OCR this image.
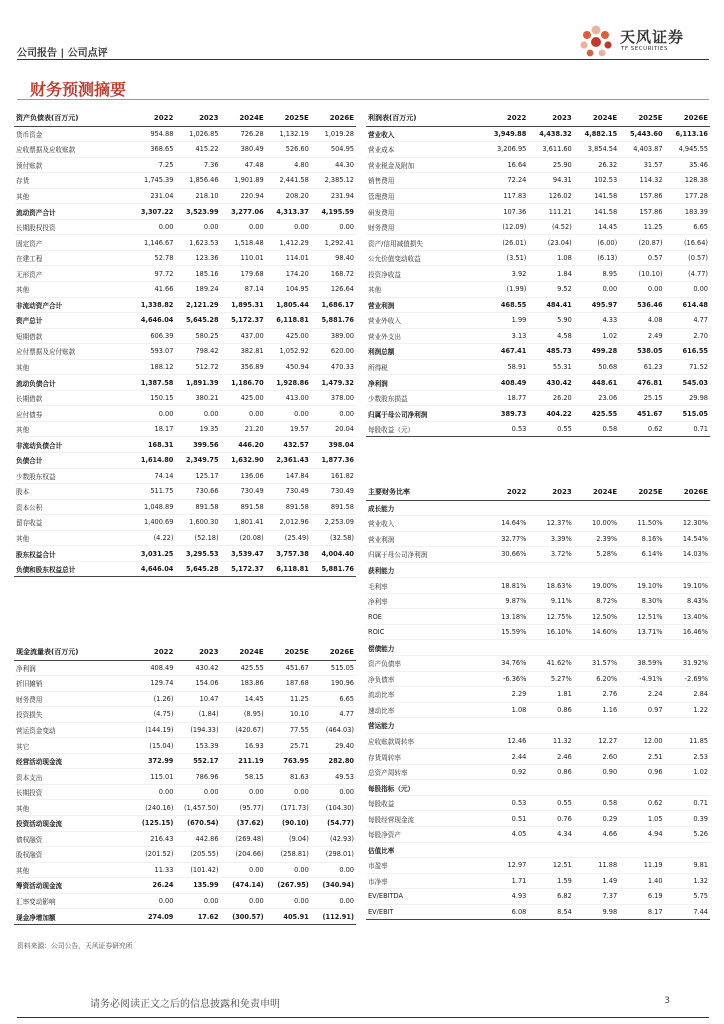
公司报告 | 公司点评
天风证券
TF SECURITIES
财务预测摘要
资产负债表(百万元)	2022	2023	2024E	2025E	2026E
货币资金	954.88	1,026.85	726.28	1,132.19	1,019.28
应收票据及应收账款	368.65	415.22	380.49	526.60	504.95
预付账款	7.25	7.36	47.48	4.80	44.30
存货	1,745.39	1,856.46	1,901.89	2,441.58	2,385.12
其他	231.04	218.10	220.94	208.20	231.94
流动资产合计	3,307.22	3,523.99	3,277.06	4,313.37	4,195.59
长期股权投资	0.00	0.00	0.00	0.00	0.00
固定资产	1,146.67	1,623.53	1,518.48	1,412.29	1,292.41
在建工程	52.78	123.36	110.01	114.01	98.40
无形资产	97.72	185.16	179.68	174.20	168.72
其他	41.66	189.24	87.14	104.95	126.64
非流动资产合计	1,338.82	2,121.29	1,895.31	1,805.44	1,686.17
资产总计	4,646.04	5,645.28	5,172.37	6,118.81	5,881.76
短期借款	606.39	580.25	437.00	425.00	389.00
应付票据及应付账款	593.07	798.42	382.81	1,052.92	620.00
其他	188.12	512.72	356.89	450.94	470.33
流动负债合计	1,387.58	1,891.39	1,186.70	1,928.86	1,479.32
长期借款	150.15	380.21	425.00	413.00	378.00
应付债券	0.00	0.00	0.00	0.00	0.00
其他	18.17	19.35	21.20	19.57	20.04
非流动负债合计	168.31	399.56	446.20	432.57	398.04
负债合计	1,614.80	2,349.75	1,632.90	2,361.43	1,877.36
少数股东权益	74.14	125.17	136.06	147.84	161.82
股本	511.75	730.66	730.49	730.49	730.49
资本公积	1,048.89	891.58	891.58	891.58	891.58
留存收益	1,400.69	1,600.30	1,801.41	2,012.96	2,253.09
其他	(4.22)	(52.18)	(20.08)	(25.49)	(32.58)
股东权益合计	3,031.25	3,295.53	3,539.47	3,757.38	4,004.40
负债和股东权益总计	4,646.04	5,645.28	5,172.37	6,118.81	5,881.76
利润表(百万元)	2022	2023	2024E	2025E	2026E
营业收入	3,949.88	4,438.32	4,882.15	5,443.60	6,113.16
营业成本	3,206.95	3,611.60	3,854.54	4,403.87	4,945.55
营业税金及附加	16.64	25.90	26.32	31.57	35.46
销售费用	72.24	94.31	102.53	114.32	128.38
管理费用	117.83	126.02	141.58	157.86	177.28
研发费用	107.36	111.21	141.58	157.86	183.39
财务费用	(12.09)	(4.52)	14.45	11.25	6.65
资产/信用减值损失	(26.01)	(23.04)	(6.00)	(20.87)	(16.64)
公允价值变动收益	(3.51)	1.08	(6.13)	0.57	(0.57)
投资净收益	3.92	1.84	8.95	(10.10)	(4.77)
其他	(1.99)	9.52	0.00	0.00	0.00
营业利润	468.55	484.41	495.97	536.46	614.48
营业外收入	1.99	5.90	4.33	4.08	4.77
营业外支出	3.13	4.58	1.02	2.49	2.70
利润总额	467.41	485.73	499.28	538.05	616.55
所得税	58.91	55.31	50.68	61.23	71.52
净利润	408.49	430.42	448.61	476.81	545.03
少数股东损益	18.77	26.20	23.06	25.15	29.98
归属于母公司净利润	389.73	404.22	425.55	451.67	515.05
每股收益（元）	0.53	0.55	0.58	0.62	0.71
现金流量表(百万元)	2022	2023	2024E	2025E	2026E
净利润	408.49	430.42	425.55	451.67	515.05
折旧摊销	129.74	154.06	183.86	187.68	190.96
财务费用	(1.26)	10.47	14.45	11.25	6.65
投资损失	(4.75)	(1.84)	(8.95)	10.10	4.77
营运资金变动	(144.19)	(194.33)	(420.67)	77.55	(464.03)
其它	(15.04)	153.39	16.93	25.71	29.40
经营活动现金流	372.99	552.17	211.19	763.95	282.80
资本支出	115.01	786.96	58.15	81.63	49.53
长期投资	0.00	0.00	0.00	0.00	0.00
其他	(240.16)	(1,457.50)	(95.77)	(171.73)	(104.30)
投资活动现金流	(125.15)	(670.54)	(37.62)	(90.10)	(54.77)
债权融资	216.43	442.86	(269.48)	(9.04)	(42.93)
股权融资	(201.52)	(205.55)	(204.66)	(258.81)	(298.01)
其他	11.33	(101.42)	0.00	0.00	0.00
筹资活动现金流	26.24	135.99	(474.14)	(267.95)	(340.94)
汇率变动影响	0.00	0.00	0.00	0.00	0.00
现金净增加额	274.09	17.62	(300.57)	405.91	(112.91)
主要财务比率	2022	2023	2024E	2025E	2026E
成长能力					
营业收入	14.64%	12.37%	10.00%	11.50%	12.30%
营业利润	32.77%	3.39%	2.39%	8.16%	14.54%
归属于母公司净利润	30.66%	3.72%	5.28%	6.14%	14.03%
获利能力					
毛利率	18.81%	18.63%	19.00%	19.10%	19.10%
净利率	9.87%	9.11%	8.72%	8.30%	8.43%
ROE	13.18%	12.75%	12.50%	12.51%	13.40%
ROIC	15.59%	16.10%	14.60%	13.71%	16.46%
偿债能力					
资产负债率	34.76%	41.62%	31.57%	38.59%	31.92%
净负债率	-6.36%	5.27%	6.20%	-4.91%	-2.69%
流动比率	2.29	1.81	2.76	2.24	2.84
速动比率	1.08	0.86	1.16	0.97	1.22
营运能力					
应收账款周转率	12.46	11.32	12.27	12.00	11.85
存货周转率	2.44	2.46	2.60	2.51	2.53
总资产周转率	0.92	0.86	0.90	0.96	1.02
每股指标（元）					
每股收益	0.53	0.55	0.58	0.62	0.71
每股经营现金流	0.51	0.76	0.29	1.05	0.39
每股净资产	4.05	4.34	4.66	4.94	5.26
估值比率					
市盈率	12.97	12.51	11.88	11.19	9.81
市净率	1.71	1.59	1.49	1.40	1.32
EV/EBITDA	4.93	6.82	7.37	6.19	5.75
EV/EBIT	6.08	8.54	9.98	8.17	7.44
资料来源：公司公告，天风证券研究所
请务必阅读正文之后的信息披露和免责申明	3
